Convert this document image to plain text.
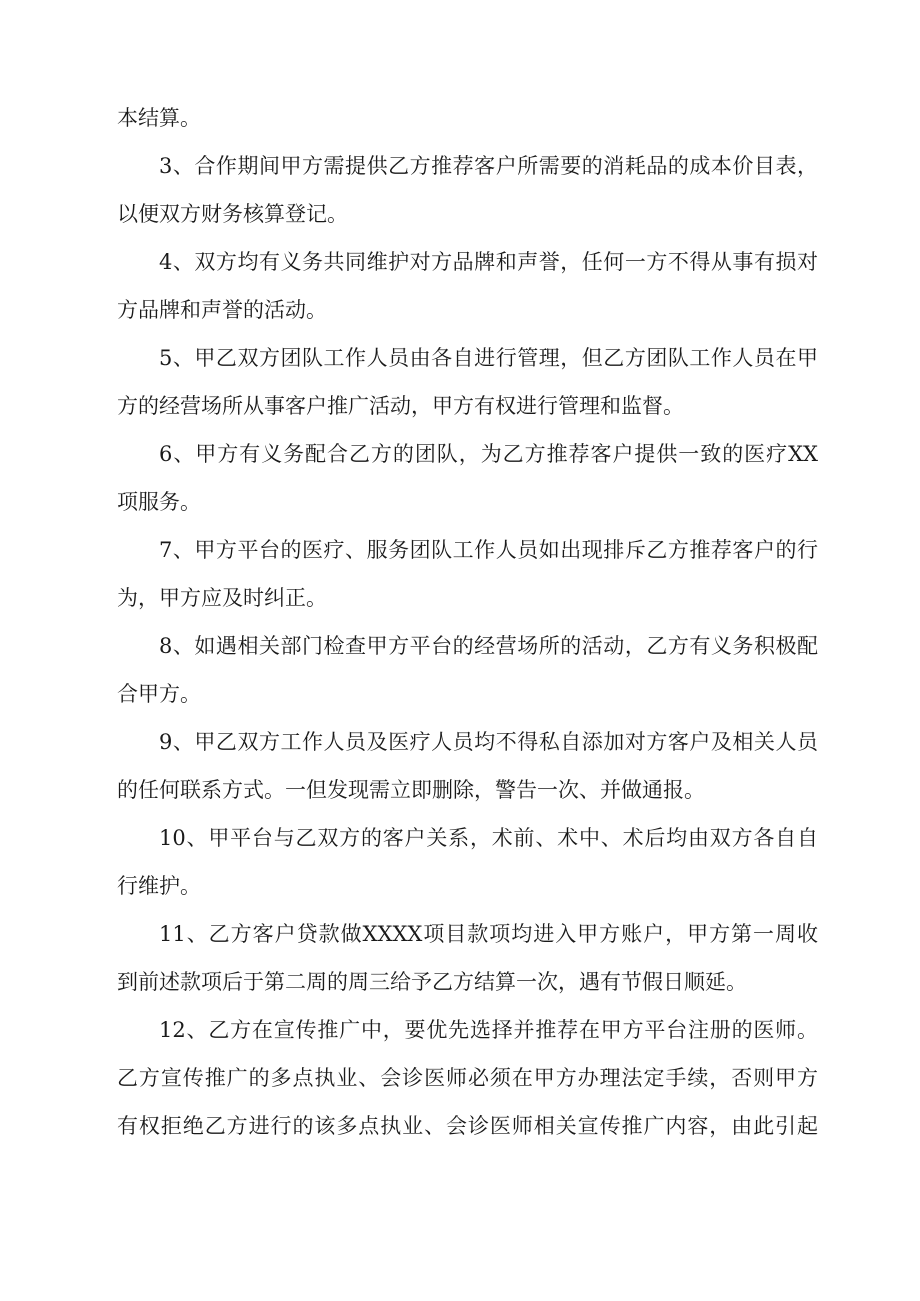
本结算。
3、合作期间甲方需提供乙方推荐客户所需要的消耗品的成本价目表，
以便双方财务核算登记。
4、双方均有义务共同维护对方品牌和声誉，任何一方不得从事有损对
方品牌和声誉的活动。
5、甲乙双方团队工作人员由各自进行管理，但乙方团队工作人员在甲
方的经营场所从事客户推广活动，甲方有权进行管理和监督。
6、甲方有义务配合乙方的团队，为乙方推荐客户提供一致的医疗XX
项服务。
7、甲方平台的医疗、服务团队工作人员如出现排斥乙方推荐客户的行
为，甲方应及时纠正。
8、如遇相关部门检查甲方平台的经营场所的活动，乙方有义务积极配
合甲方。
9、甲乙双方工作人员及医疗人员均不得私自添加对方客户及相关人员
的任何联系方式。一但发现需立即删除，警告一次、并做通报。
10、甲平台与乙双方的客户关系，术前、术中、术后均由双方各自自
行维护。
11、乙方客户贷款做XXXX项目款项均进入甲方账户，甲方第一周收
到前述款项后于第二周的周三给予乙方结算一次，遇有节假日顺延。
12、乙方在宣传推广中，要优先选择并推荐在甲方平台注册的医师。
乙方宣传推广的多点执业、会诊医师必须在甲方办理法定手续，否则甲方
有权拒绝乙方进行的该多点执业、会诊医师相关宣传推广内容，由此引起
